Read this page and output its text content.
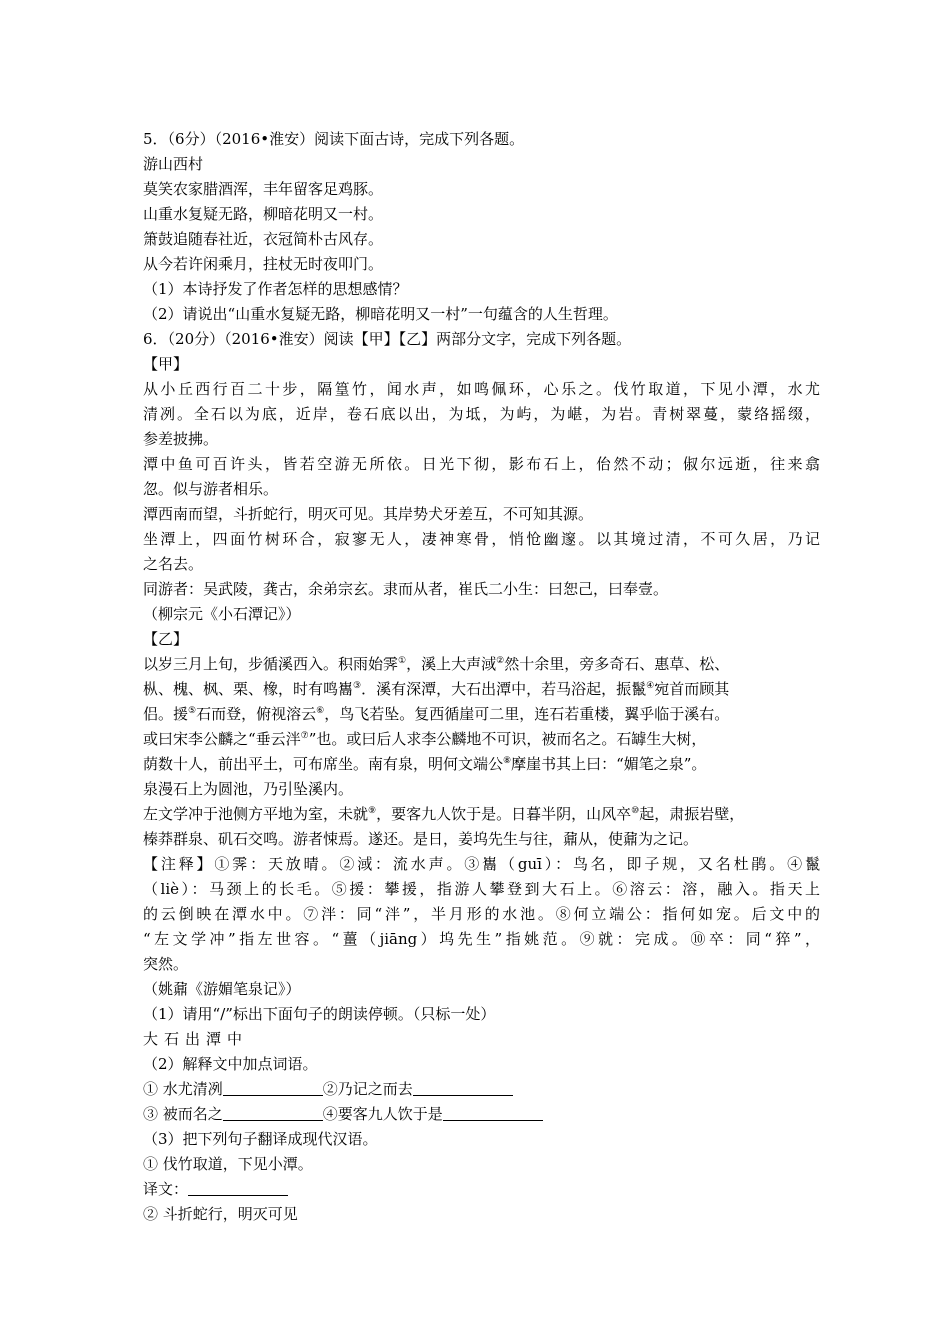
5．（6分）（2016•淮安）阅读下面古诗，完成下列各题。
游山西村
莫笑农家腊酒浑，丰年留客足鸡豚。
山重水复疑无路，柳暗花明又一村。
箫鼓追随春社近，衣冠简朴古风存。
从今若许闲乘月，拄杖无时夜叩门。
（1）本诗抒发了作者怎样的思想感情？
（2）请说出“山重水复疑无路，柳暗花明又一村”一句蕴含的人生哲理。
6．（20分）（2016•淮安）阅读【甲】【乙】两部分文字，完成下列各题。
【甲】
从小丘西行百二十步，隔篁竹，闻水声，如鸣佩环，心乐之。伐竹取道，下见小潭，水尤
清冽。全石以为底，近岸，卷石底以出，为坻，为屿，为嵁，为岩。青树翠蔓，蒙络摇缀，
参差披拂。
潭中鱼可百许头，皆若空游无所依。日光下彻，影布石上，佁然不动；俶尔远逝，往来翕
忽。似与游者相乐。
潭西南而望，斗折蛇行，明灭可见。其岸势犬牙差互，不可知其源。
坐潭上，四面竹树环合，寂寥无人，凄神寒骨，悄怆幽邃。以其境过清，不可久居，乃记
之名去。
同游者：吴武陵，龚古，余弟宗玄。隶而从者，崔氏二小生：曰恕己，曰奉壹。
（柳宗元《小石潭记》）
【乙】
以岁三月上旬，步循溪西入。积雨始霁①，溪上大声淢②然十余里，旁多奇石、惠草、松、
枞、槐、枫、栗、橡，时有鸣巂③．溪有深潭，大石出潭中，若马浴起，振鬣④宛首而顾其
侣。援⑤石而登，俯视溶云⑥，鸟飞若坠。复西循崖可二里，连石若重楼，翼乎临于溪右。
或曰宋李公麟之“垂云泮⑦”也。或曰后人求李公麟地不可识，被而名之。石罅生大树，
荫数十人，前出平土，可布席坐。南有泉，明何文端公⑧摩崖书其上曰：“媚笔之泉”。
泉漫石上为圆池，乃引坠溪内。
左文学冲于池侧方平地为室，未就⑨，要客九人饮于是。日暮半阴，山风卒⑩起，肃振岩壁，
榛莽群泉、矶石交鸣。游者悚焉。遂还。是日，姜坞先生与往，鼐从，使鼐为之记。
【注释】①霁：天放晴。②淢：流水声。③巂（guī）：鸟名，即子规，又名杜鹃。④鬣
（liè）：马颈上的长毛。⑤援：攀援，指游人攀登到大石上。⑥溶云：溶，融入。指天上
的云倒映在潭水中。⑦泮：同“泮”，半月形的水池。⑧何立端公：指何如宠。后文中的
“左文学冲”指左世容。“薑（jiāng）坞先生”指姚范。⑨就：完成。⑩卒：同“猝”，
突然。
（姚鼐《游媚笔泉记》）
（1）请用“/”标出下面句子的朗读停顿。（只标一处）
大石出潭中
（2）解释文中加点词语。
① 水尤清冽	②乃记之而去
③ 被而名之	④要客九人饮于是
（3）把下列句子翻译成现代汉语。
① 伐竹取道，下见小潭。
译文：
② 斗折蛇行，明灭可见
